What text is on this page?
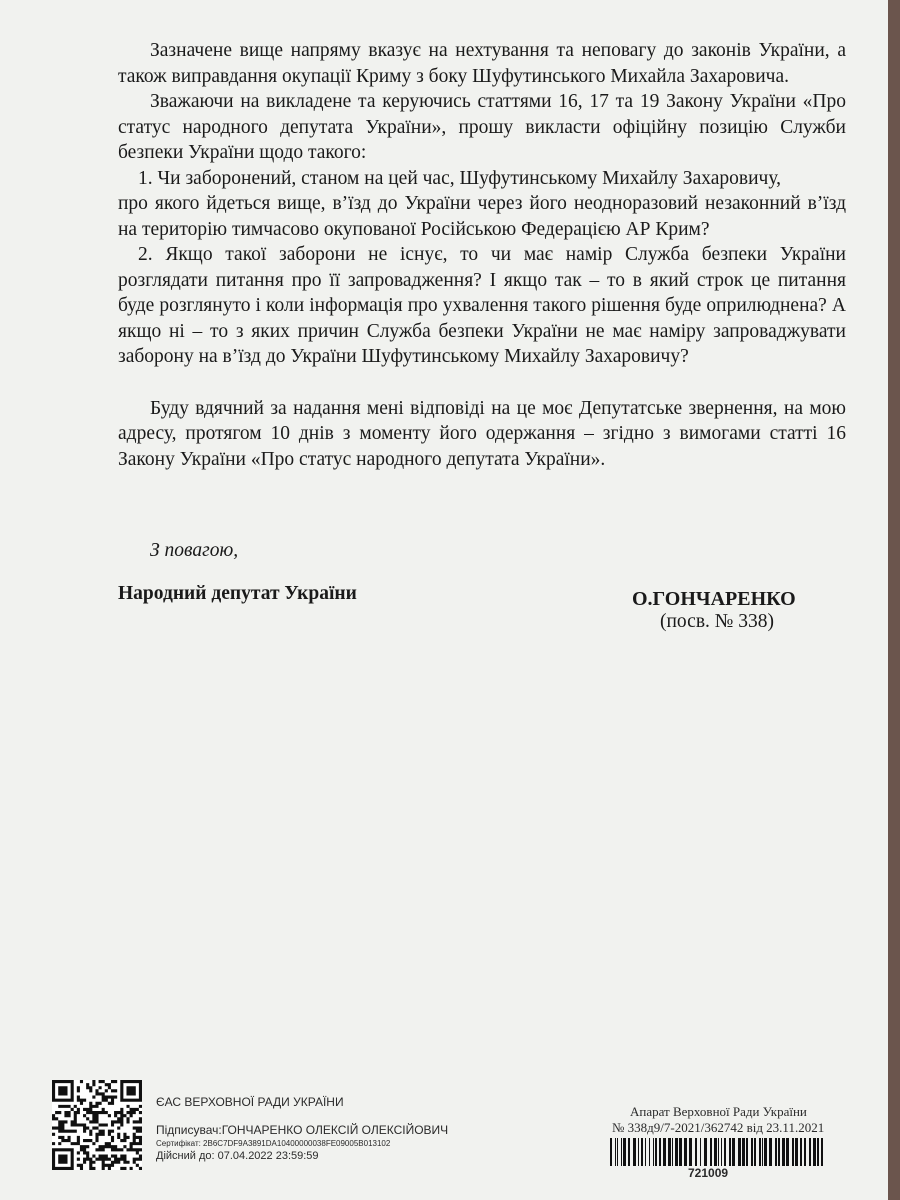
Зазначене вище напряму вказує на нехтування та неповагу до законів України, а також виправдання окупації Криму з боку Шуфутинського Михайла Захаровича.

Зважаючи на викладене та керуючись статтями 16, 17 та 19 Закону України «Про статус народного депутата України», прошу викласти офіційну позицію Служби безпеки України щодо такого:

1. Чи заборонений, станом на цей час, Шуфутинському Михайлу Захаровичу,
про якого йдеться вище, в’їзд до України через його неодноразовий незаконний в’їзд на територію тимчасово окупованої Російською Федерацією АР Крим?

2. Якщо такої заборони не існує, то чи має намір Служба безпеки України розглядати питання про її запровадження? І якщо так – то в який строк це питання буде розглянуто і коли інформація про ухвалення такого рішення буде оприлюднена? А якщо ні – то з яких причин Служба безпеки України не має наміру запроваджувати заборону на в’їзд до України Шуфутинському Михайлу Захаровичу?

Буду вдячний за надання мені відповіді на це моє Депутатське звернення, на мою адресу, протягом 10 днів з моменту його одержання – згідно з вимогами статті 16 Закону України «Про статус народного депутата України».

З повагою,
Народний депутат України	О.ГОНЧАРЕНКО
(посв. № 338)
ЄАС ВЕРХОВНОЇ РАДИ УКРАЇНИ
Підписувач:ГОНЧАРЕНКО ОЛЕКСІЙ ОЛЕКСІЙОВИЧ
Сертифікат: 2B6C7DF9A3891DA10400000038FE09005B013102
Дійсний до: 07.04.2022 23:59:59
Апарат Верховної Ради України
№ 338д9/7-2021/362742 від 23.11.2021
721009
